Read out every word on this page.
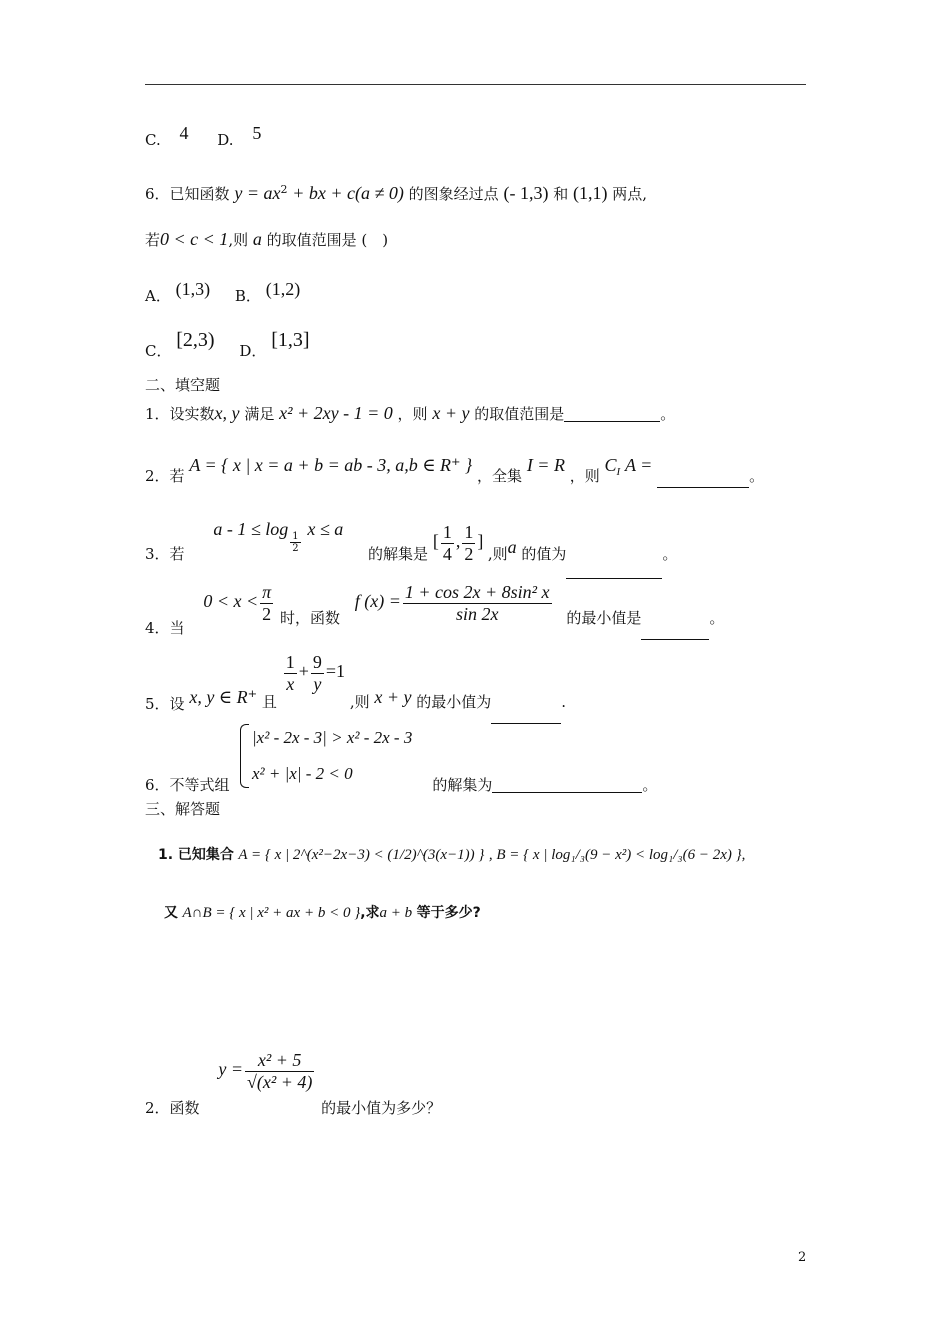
C. 4 D. 5
6．已知函数 $y = ax^2$ + bx + c(a ≠ 0) 的图象经过点 (- 1,3) 和 (1,1) 两点,
若0 < c < 1,则 a 的取值范围是 (　)
A． (1,3) B． (1,2)
C． [2,3) D． [1,3]
二、填空题
1．设实数x, y 满足 x² + 2xy - 1 = 0 ，则 x + y 的取值范围是	。
2．若 A = { x | x = a + b = ab - 3, a,b ∈ R⁺ } ，全集 I = R ，则 $C_I$ A = 。
3．若 a - 1 ≤ log
$\frac{1}{2}$
x ≤ a 的解集是 [ $\frac{1}{4}$ , $\frac{1}{2}$ ] ,则a 的值为	。
4．当 $0 < x < \frac{\pi}{2}$ 时，函数 f $(x) = \frac{\text{1 + cos 2x + 8sin² x}}{\sin 2x}$ 的最小值是	。
5．设 x, y ∈ R⁺ 且
$\frac{1}{x} + \frac{9}{y} =1$ ,则 x + y 的最小值为	.
|x² - 2x - 3| > x² - 2x - 3
x² + |x| - 2 < 0
6．不等式组	的解集为	。
三、解答题
1. 已知集合 A = { x | 2^(x²−2x−3) < (1/2)^(3(x−1)) } , B = { x | log₁/₃(9 − x²) < log₁/₃(6 − 2x) },
又 A∩B = { x | x² + ax + b < 0 },求a + b 等于多少?
2．函数 $y = \frac{\text{x² + 5}}{\text{√(x² + 4)}}$
的最小值为多少？
2
